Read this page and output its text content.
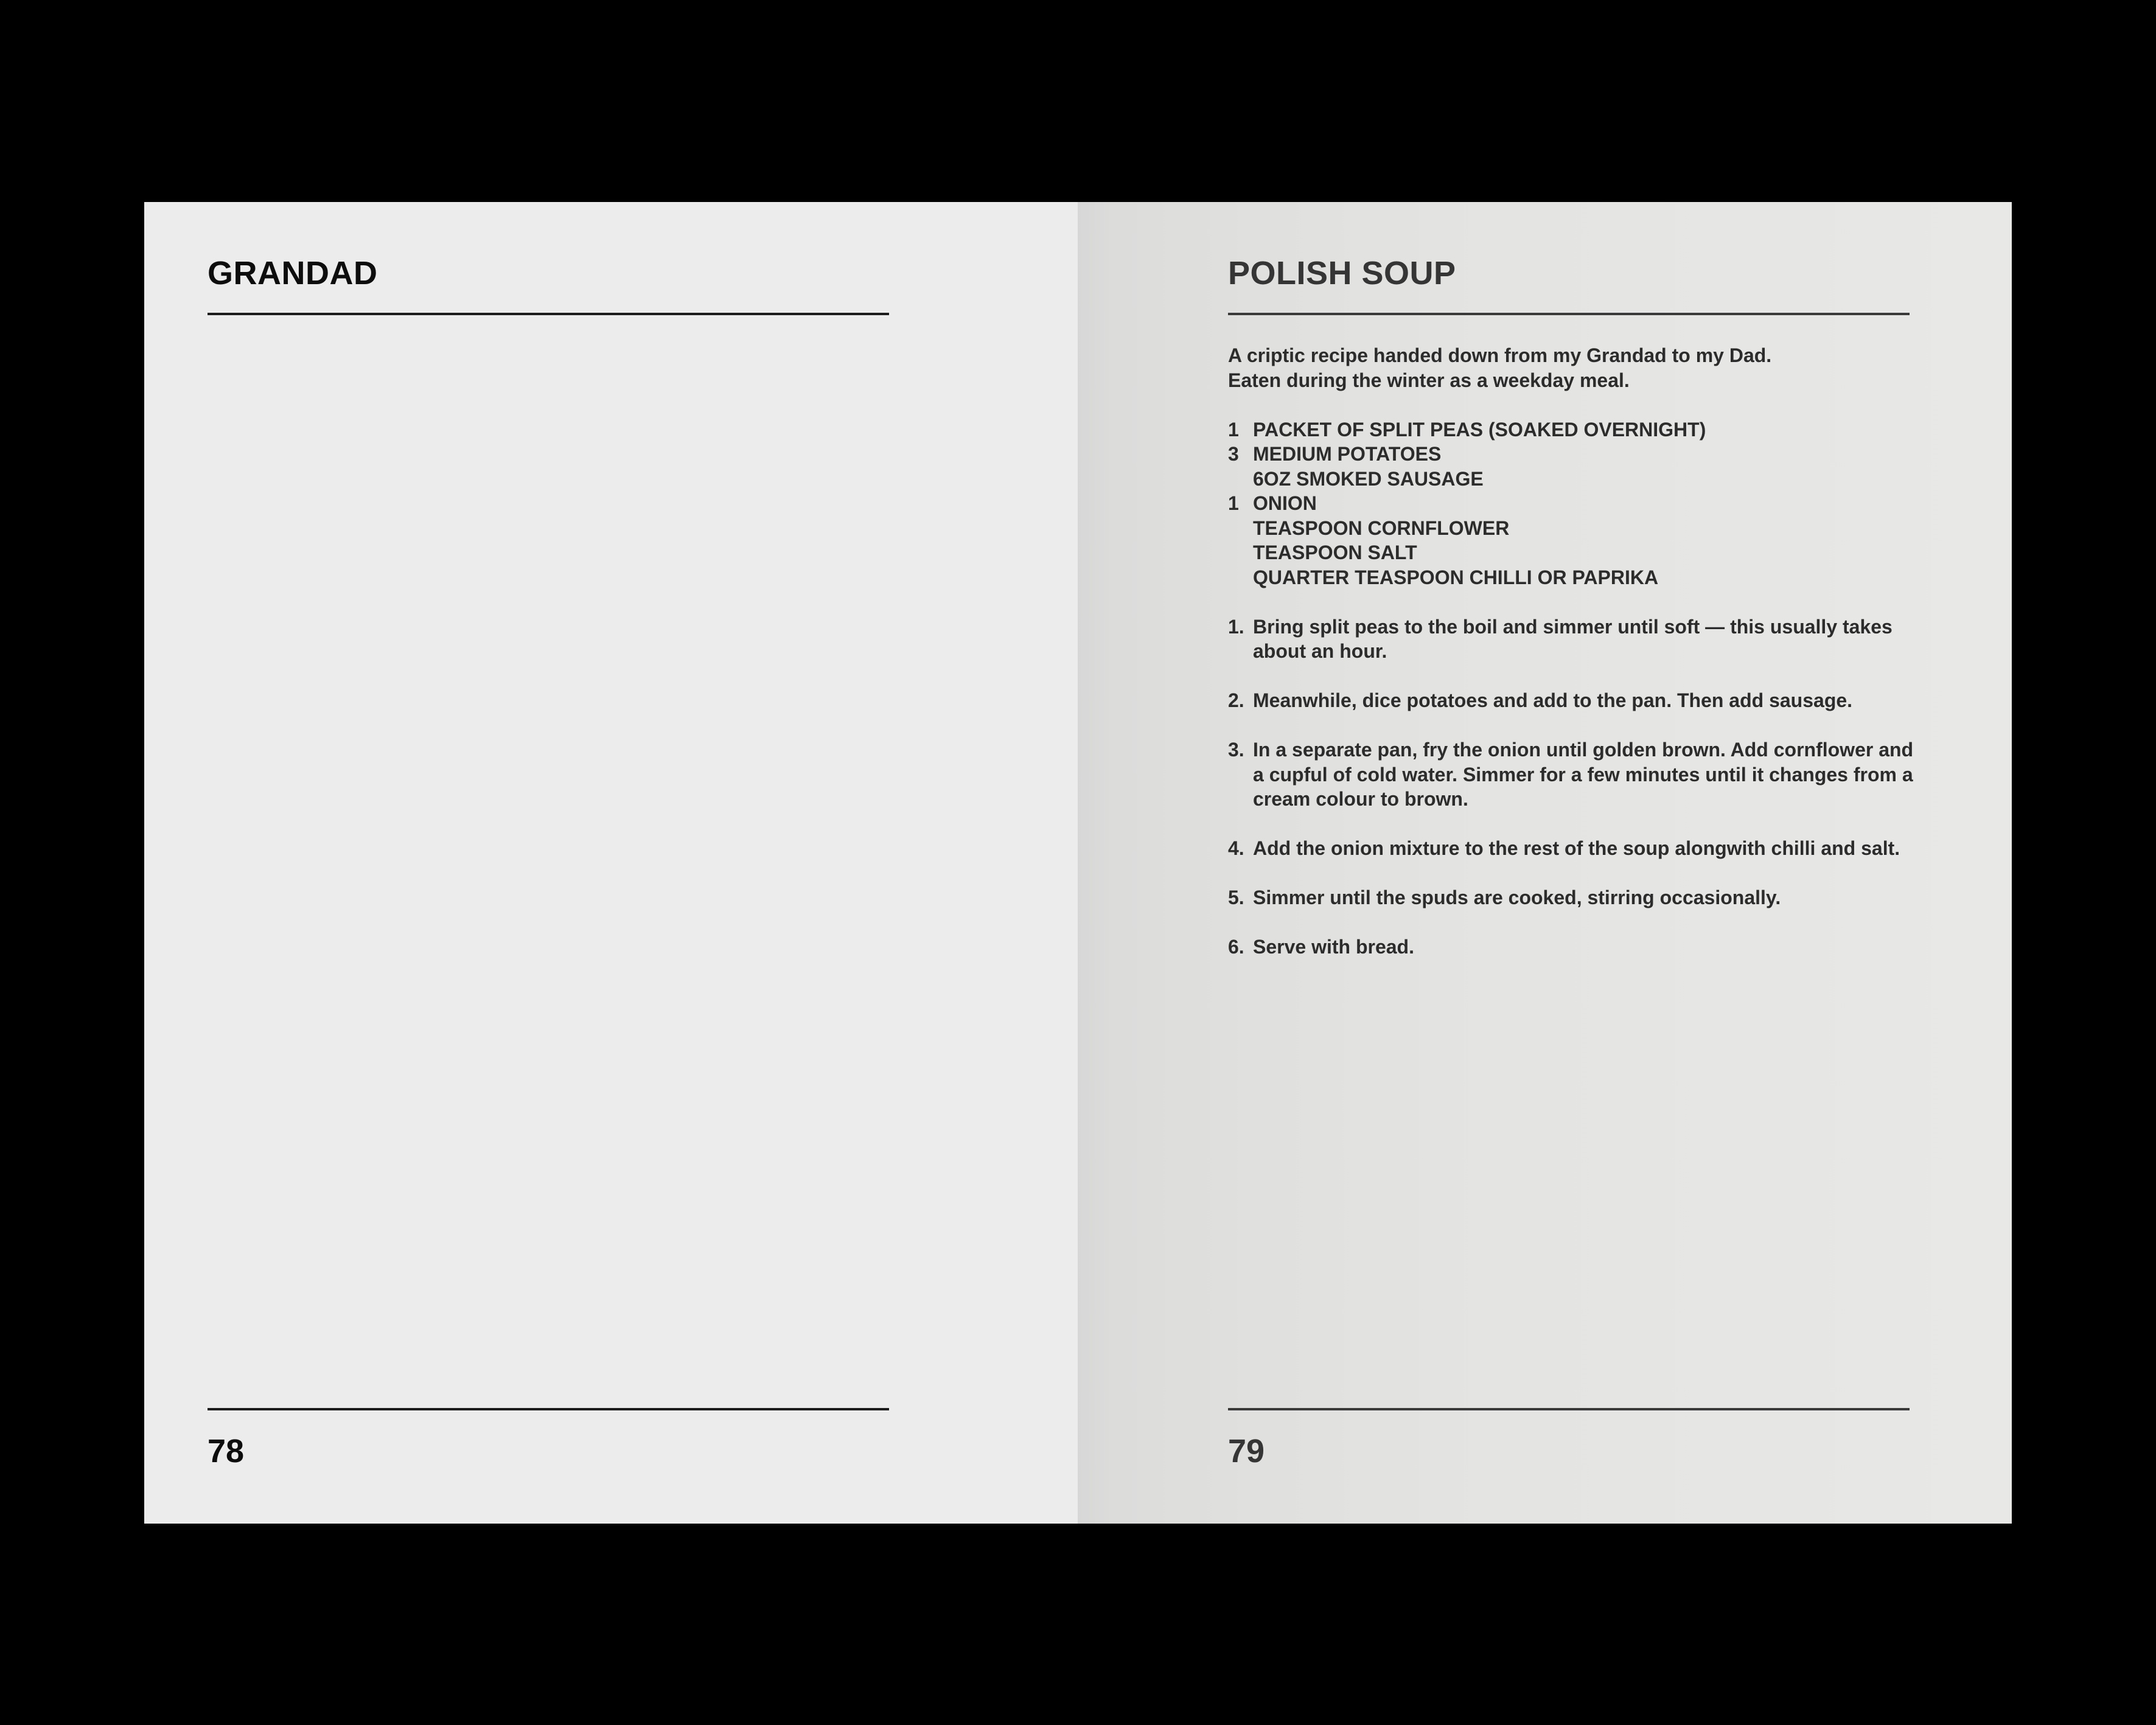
GRANDAD
78
POLISH SOUP

A criptic recipe handed down from my Grandad to my Dad.

Eaten during the winter as a weekday meal.

1 PACKET OF SPLIT PEAS (SOAKED OVERNIGHT)
3 MEDIUM POTATOES
6OZ SMOKED SAUSAGE
1 ONION
TEASPOON CORNFLOWER
TEASPOON SALT
QUARTER TEASPOON CHILLI OR PAPRIKA
1. Bring split peas to the boil and simmer until soft — this usually takes about an hour.
2. Meanwhile, dice potatoes and add to the pan. Then add sausage.
3. In a separate pan, fry the onion until golden brown. Add cornflower and a cupful of cold water. Simmer for a few minutes until it changes from a cream colour to brown.
4. Add the onion mixture to the rest of the soup alongwith chilli and salt.
5. Simmer until the spuds are cooked, stirring occasionally.
6. Serve with bread.
79
